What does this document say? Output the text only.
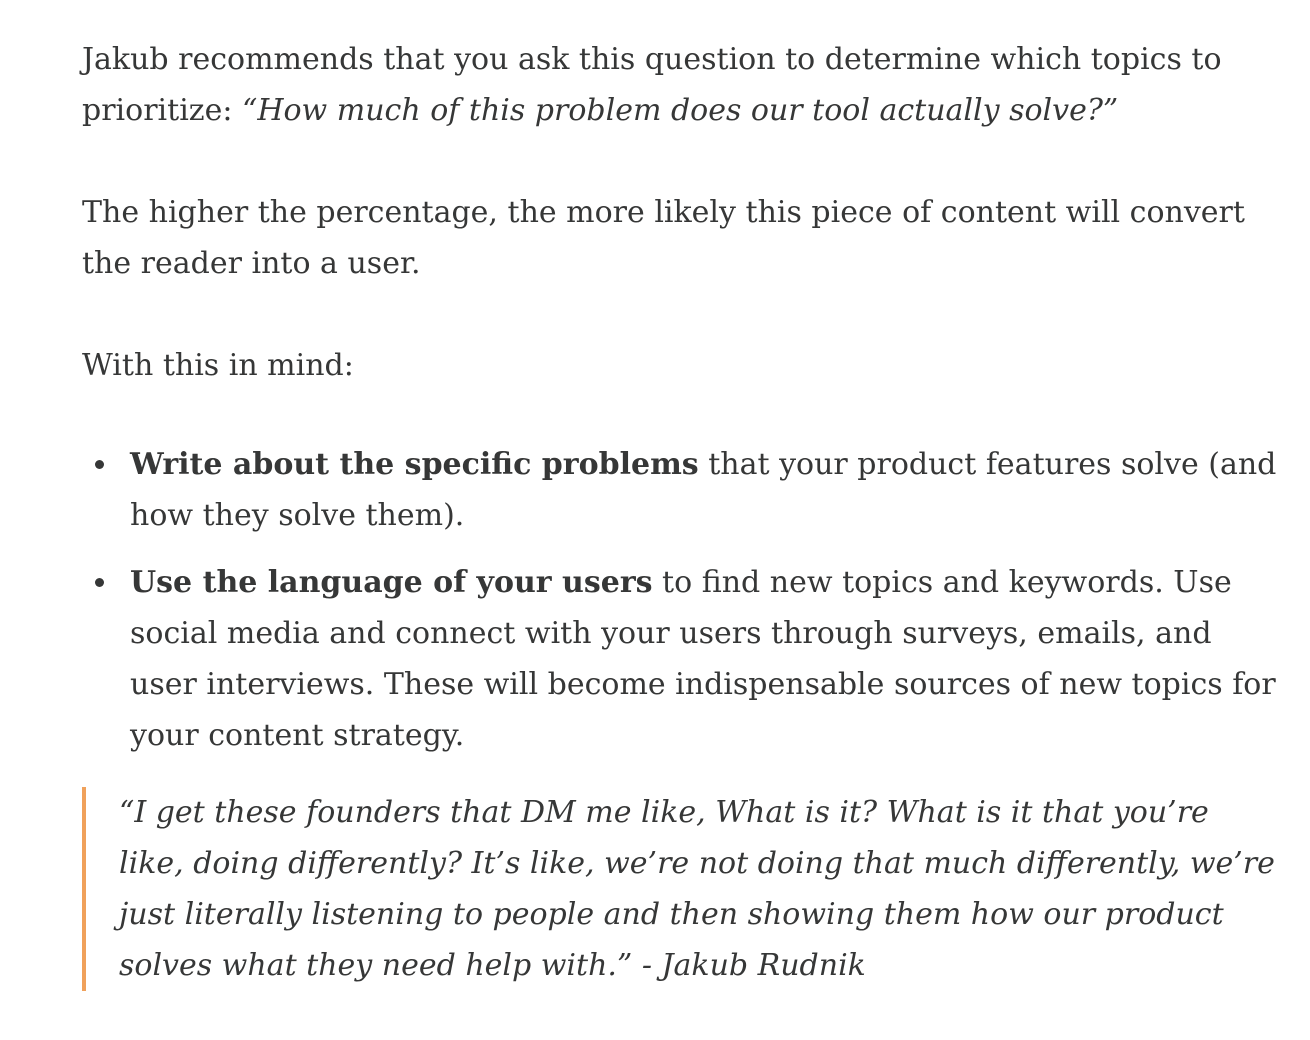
Jakub recommends that you ask this question to determine which topics to prioritize: “How much of this problem does our tool actually solve?”

The higher the percentage, the more likely this piece of content will convert the reader into a user.

With this in mind:

Write about the specific problems that your product features solve (and how they solve them).
Use the language of your users to find new topics and keywords. Use social media and connect with your users through surveys, emails, and user interviews. These will become indispensable sources of new topics for your content strategy.
“I get these founders that DM me like, What is it? What is it that you’re like, doing differently? It’s like, we’re not doing that much differently, we’re just literally listening to people and then showing them how our product solves what they need help with.” - Jakub Rudnik
